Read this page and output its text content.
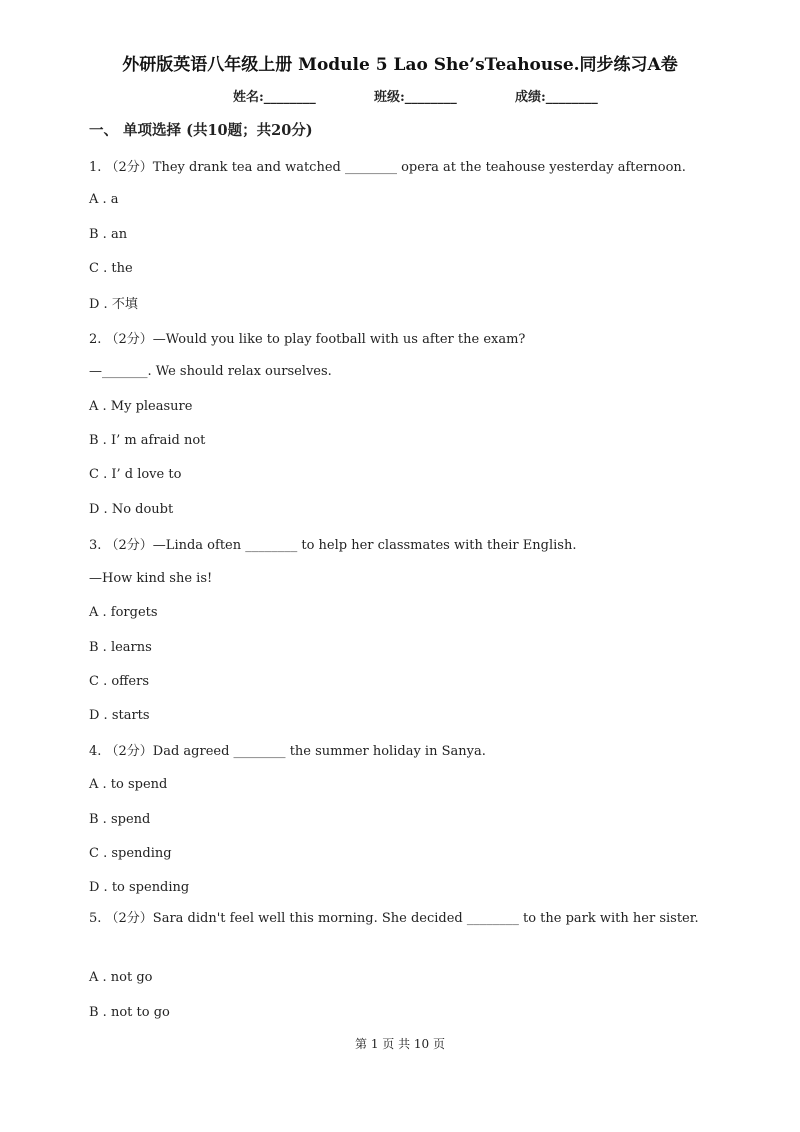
外研版英语八年级上册 Module 5 Lao She’sTeahouse.同步练习A卷
姓名:________	班级:________	成绩:________
一、 单项选择 (共10题；共20分)
1. （2分）They drank tea and watched ________ opera at the teahouse yesterday afternoon.
A . a
B . an
C . the
D . 不填
2. （2分）—Would you like to play football with us after the exam?
—_______. We should relax ourselves.
A . My pleasure
B . I’ m afraid not
C . I’ d love to
D . No doubt
3. （2分）—Linda often ________ to help her classmates with their English.
—How kind she is!
A . forgets
B . learns
C . offers
D . starts
4. （2分）Dad agreed ________ the summer holiday in Sanya.
A . to spend
B . spend
C . spending
D . to spending
5. （2分）Sara didn't feel well this morning. She decided ________ to the park with her sister.
A . not go
B . not to go
第 1 页 共 10 页
